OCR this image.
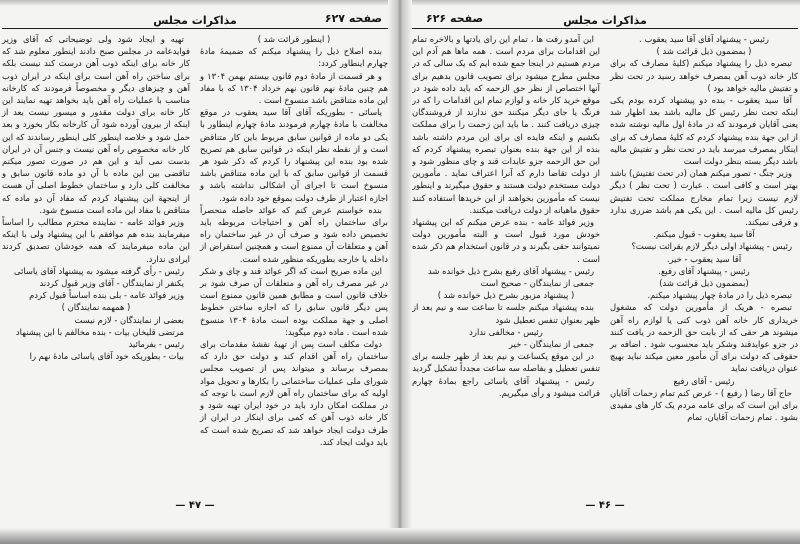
صفحه ۶۲۷
مذاکرات مجلس

( اینطور قرائت شد )

بنده اصلاح ذیل را پیشنهاد میکنم که ضمیمهٔ مادهٔ چهارم اینطاور کردد:

و هر قسمت از مادهٔ دوم قانون بیستم بهمن ۱۳۰۴ و هم چنین مادهٔ نهم قانون نهم خرداد ۱۳۰۴ که با مفاد این ماده متناقض باشد منسوخ است .

یاسائی - بطوریکه آقای آقا سید یعقوب در موقع مخالفت با مادهٔ چهارم فرمودند مادهٔ چهارم اینطاور با یکی دو ماده از قوانین سابق مربوط باین کار متناقض است و از نقطه نظر اینکه در قوانین سابق هم تصریح شده بود بنده این پیشنهاد را کردم که ذکر شود هر قسمت از قوانین سابق که با این ماده متناقض باشد منسوخ است تا اجرای آن اشکالی نداشته باشد و اجازه اعتبار از طرف دولت بموقع خود داده شود.

بنده خواستم عرض کنم که عوائد حاصله منحصراً برای ساختمان راه آهن و احتیاجات مربوطه باید تخصیص داده شود و صرف آن در غیر ساختمان راه آهن و متعلقات آن ممنوع است و همچنین استقراض از داخله یا خارجه بطوریکه منظور شده است.

این ماده صریح است که اگر عوائد قند و چای و شکر در غیر مصرف راه آهن و متعلقات آن صرف شود بر خلاف قانون است و مطابق همین قانون ممنوع است پس دیگر قانون سابق را که اجازه ساختن خطوط اصلی و جهة مملکت بوده است مادهٔ ۱۳۰۴ منسوخ شده است . ماده دوم میگوید:

دولت مکلف است پس از تهیهٔ نقشهٔ مقدمات برای ساختمان راه آهن اقدام کند و دولت حق دارد که بمصرف برساند و میتواند پس از تصویب مجلس شورای ملی عملیات ساختمانی را بکارها و تحویل مواد اولیه که برای ساختمان راه آهن لازم است با توجه که در مملکت امکان دارد باید در خود ایران تهیه شود و کار خانه ذوب آهن که کمی برای اینکار در ایران از طرف دولت ایجاد خواهد شد که تصریح شده است که باید دولت ایجاد کند.

تهیه و ایجاد شود ولی توضیحاتی که آقای وزیر فوایدعامه در مجلس صبح دادند اینطور معلوم شد که کار خانه برای اینکه ذوب آهن درست کند نیست بلکه برای ساختن راه آهن است برای اینکه در ایران ذوب آهن و چیزهای دیگر و مخصوصاً فرمودند که کارخانه مناسب با عملیات راه آهن باید بخواهد تهیه نمایند این کار خانه برای دولت مقدور و میسور نیست بعد از اینکه از بیرون آورده شود آن کارخانه بکار بخورد و بعد حمل شود و خلاصه اینطور کلی اینطور رساندند که این کار خانه مخصوص راه آهن نیست و جنس آن در ایران بدست نمی آید و این هم در صورت تصور میکنم تناقضی بین این ماده با آن دو ماده قانون سابق و مخالفت کلی دارد و ساختمان خطوط اصلی آن هست از اینجهة این پیشنهاد کردم که مفاد آن دو ماده که متناقض با مفاد این ماده است منسوخ شود.

وزیر فوائد عامه - نماینده محترم مطالب را اساساً میفرمایند بنده هم موافقم با این پیشنهاد ولی با اینکه این ماده میفرمایند که همه خودشان تصدیق کردند ایرادی ندارد.

رئیس - رأی گرفته میشود به پیشنهاد آقای یاسائی

یکنفر از نمایندگان - آقای وزیر قبول کردند

وزیر فوائد عامه - بلی بنده اساساً قبول کردم

( همهمه نمایندگان )

بعضی از نمایندگان - لازم نیست

مرتضی قلیخان بیات - بنده مخالفم با این پیشنهاد

رئیس - بفرمائید

بیات - بطوریکه خود آقای یاسائی مادهٔ نهم را

— ۴۷ —
صفحه ۶۲۶	مذاکرات مجلس

رئیس - پیشنهاد آقای آقا سید یعقوب .

( بمضمون ذیل قرائت شد )

تبصره ذیل را پیشنهاد میکنم (کلیهٔ مصارف که برای کار خانه ذوب آهن بمصرف خواهد رسید در تحت نظر و تفتیش مالیه خواهد بود )

آقا سید یعقوب - بنده دو پیشنهاد کرده بودم یکی اینکه تحت نظر رئیس کل مالیه باشد بعد اظهار شد یعنی آقایان فرمودند که در مادهٔ اول مالیه نوشته شده از این جهة بنده پیشنهاد کردم که کلیهٔ مصارف که برای اینکار بمصرف میرسد باید در تحت نظر و تفتیش مالیه باشد دیگر بسته بنظر دولت است

وزیر جنگ - تصور میکنم همان (در تحت تفتیش) باشد بهتر است و کافی است . عبارت ( تحت نظر ) دیگر لازم نیست زیرا تمام مخارج مملکت تحت تفتیش رئیس کل مالیه است . این یکی هم باشد ضرری ندارد و فرقی نمیکند.

آقا سید یعقوب - قبول میکنم.

رئیس - پیشنهاد اولی دیگر لازم بقرائت نیست؟

آقا سید یعقوب - خیر.

رئیس - پیشنهاد آقای رفیع.

(بمضمون ذیل قرائت شد)

تبصره ذیل را در مادهٔ چهار پیشنهاد میکنم.

تبصره - هریک از مأمورین دولت که مشغول خریداری کار خانه آهن ذوب کنی یا لوازم راه آهن میشوند هر حقی که از بابت حق الزحمه در یافت کنند در جزو عوایدقند وشکر باید محسوب شود . اضافه بر حقوقی که دولت برای آن مأمور معین میکند نباید بهیچ عنوان دریافت نماید

رئیس - آقای رفیع

حاج آقا رضا ( رفیع ) - عرض کنم تمام زحمات آقایان برای این است که برای عامه مردم یک کار های مفیدی بشود . تمام زحمات آقایان، تمام

این آمدو رفت ها ، تمام این رای یادتها و بالاخره تمام این اقدامات برای مردم است . همه ماها هم آدم این مردم هستیم در اینجا جمع شده ایم که یک سالی که در مجلس مطرح میشود برای تصویب قانون بدهیم برای آنها اختصاص از نظر حق الزحمه که باید داده شود در موقع خرید کار خانه و لوازم تمام این اقدامات را که در فرنگ یا جای دیگر میکنند حق ندارند از فروشندگان چیزی دریافت کنند . ما باید این زحمت را برای مملکت بکشیم و اینکه فایده ای برای این مردم داشته باشد بنده از این جهة بنده بعنوان تبصره پیشنهاد کردم که این حق الزحمه جزو عایدات قند و چای منظور شود و از دولت تقاضا دارم که آنرا اعتراف نماید . مأمورین دولت مستخدم دولت هستند و حقوق میگیرند و اینطور نیست که مأمورین بخواهند از این خریدها استفاده کنند حقوق ماهیانه از دولت دریافت میکنند.

وزیر فوائد عامه - بنده عرض میکنم که این پیشنهاد خودش مورد قبول است و البته مأمورین دولت نمیتوانند حقی بگیرند و در قانون استخدام هم ذکر شده است .

رئیس - پیشنهاد آقای رفیع بشرح ذیل خوانده شد

جمعی از نمایندگان - صحیح است

( پیشنهاد مزبور بشرح ذیل خوانده شد )

بنده پیشنهاد میکنم جلسه تا ساعت سه و نیم بعد از ظهر بعنوان تنفس تعطیل شود

رئیس - مخالفی ندارد

جمعی از نمایندگان - خیر

در این موقع یکساعت و نیم بعد از ظهر جلسه برای تنفس تعطیل و بفاصله سه ساعت مجدداً تشکیل گردید

رئیس - پیشنهاد آقای یاسائی راجع بمادهٔ چهارم قرائت میشود و رأی میگیریم.

— ۴۶ —
